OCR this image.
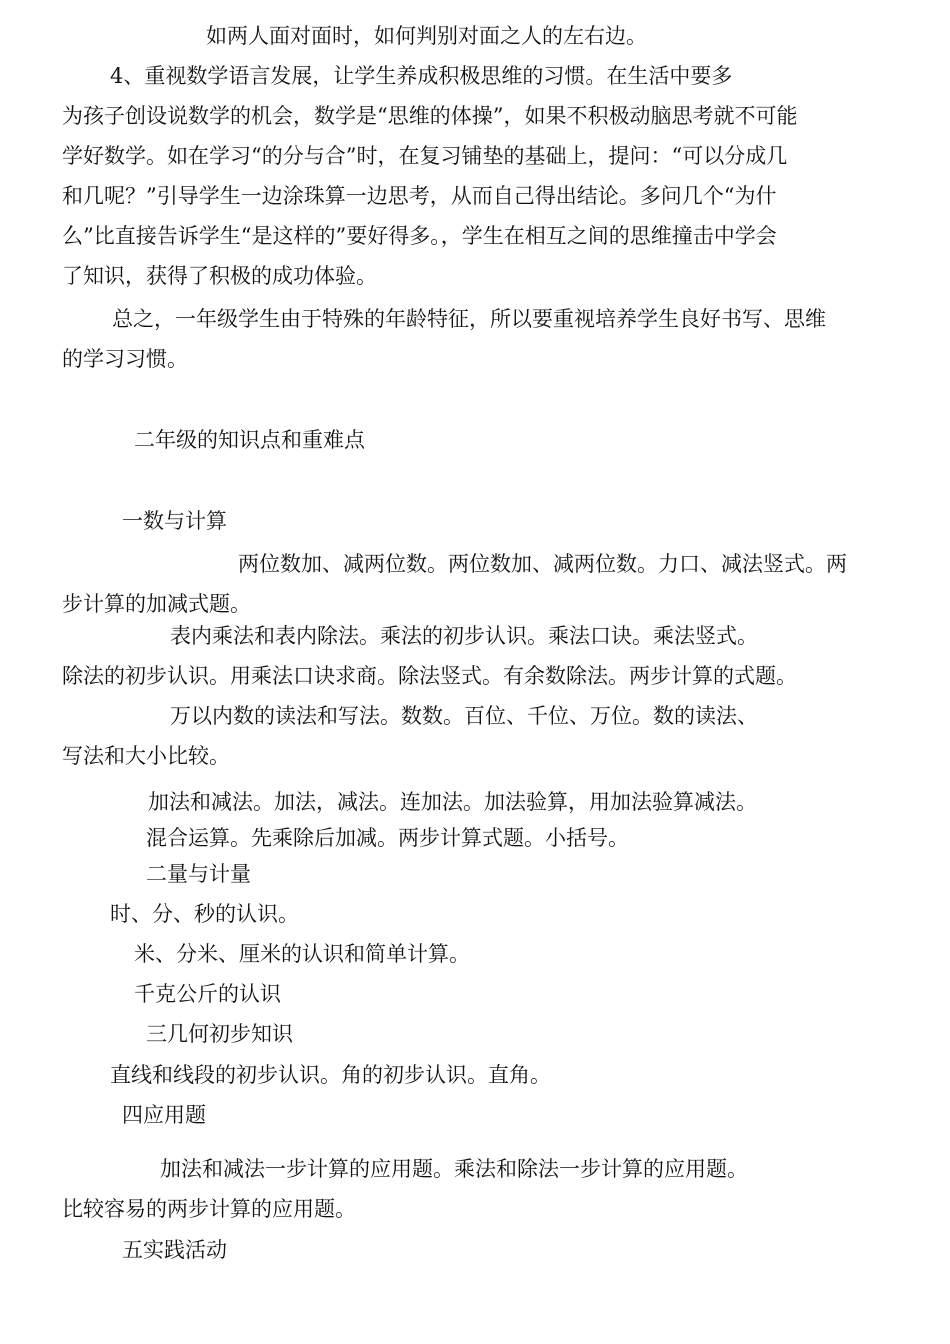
如两人面对面时，如何判别对面之人的左右边。

4、重视数学语言发展，让学生养成积极思维的习惯。在生活中要多

为孩子创设说数学的机会，数学是“思维的体操”，如果不积极动脑思考就不可能

学好数学。如在学习“的分与合”时，在复习铺垫的基础上，提问：“可以分成几

和几呢？”引导学生一边涂珠算一边思考，从而自己得出结论。多问几个“为什

么”比直接告诉学生“是这样的”要好得多。，学生在相互之间的思维撞击中学会

了知识，获得了积极的成功体验。

总之，一年级学生由于特殊的年龄特征，所以要重视培养学生良好书写、思维

的学习习惯。

二年级的知识点和重难点

一数与计算

两位数加、减两位数。两位数加、减两位数。力口、减法竖式。两

步计算的加减式题。

表内乘法和表内除法。乘法的初步认识。乘法口诀。乘法竖式。

除法的初步认识。用乘法口诀求商。除法竖式。有余数除法。两步计算的式题。

万以内数的读法和写法。数数。百位、千位、万位。数的读法、

写法和大小比较。

加法和减法。加法，减法。连加法。加法验算，用加法验算减法。

混合运算。先乘除后加减。两步计算式题。小括号。

二量与计量

时、分、秒的认识。

米、分米、厘米的认识和简单计算。

千克公斤的认识

三几何初步知识

直线和线段的初步认识。角的初步认识。直角。

四应用题

加法和减法一步计算的应用题。乘法和除法一步计算的应用题。

比较容易的两步计算的应用题。

五实践活动
